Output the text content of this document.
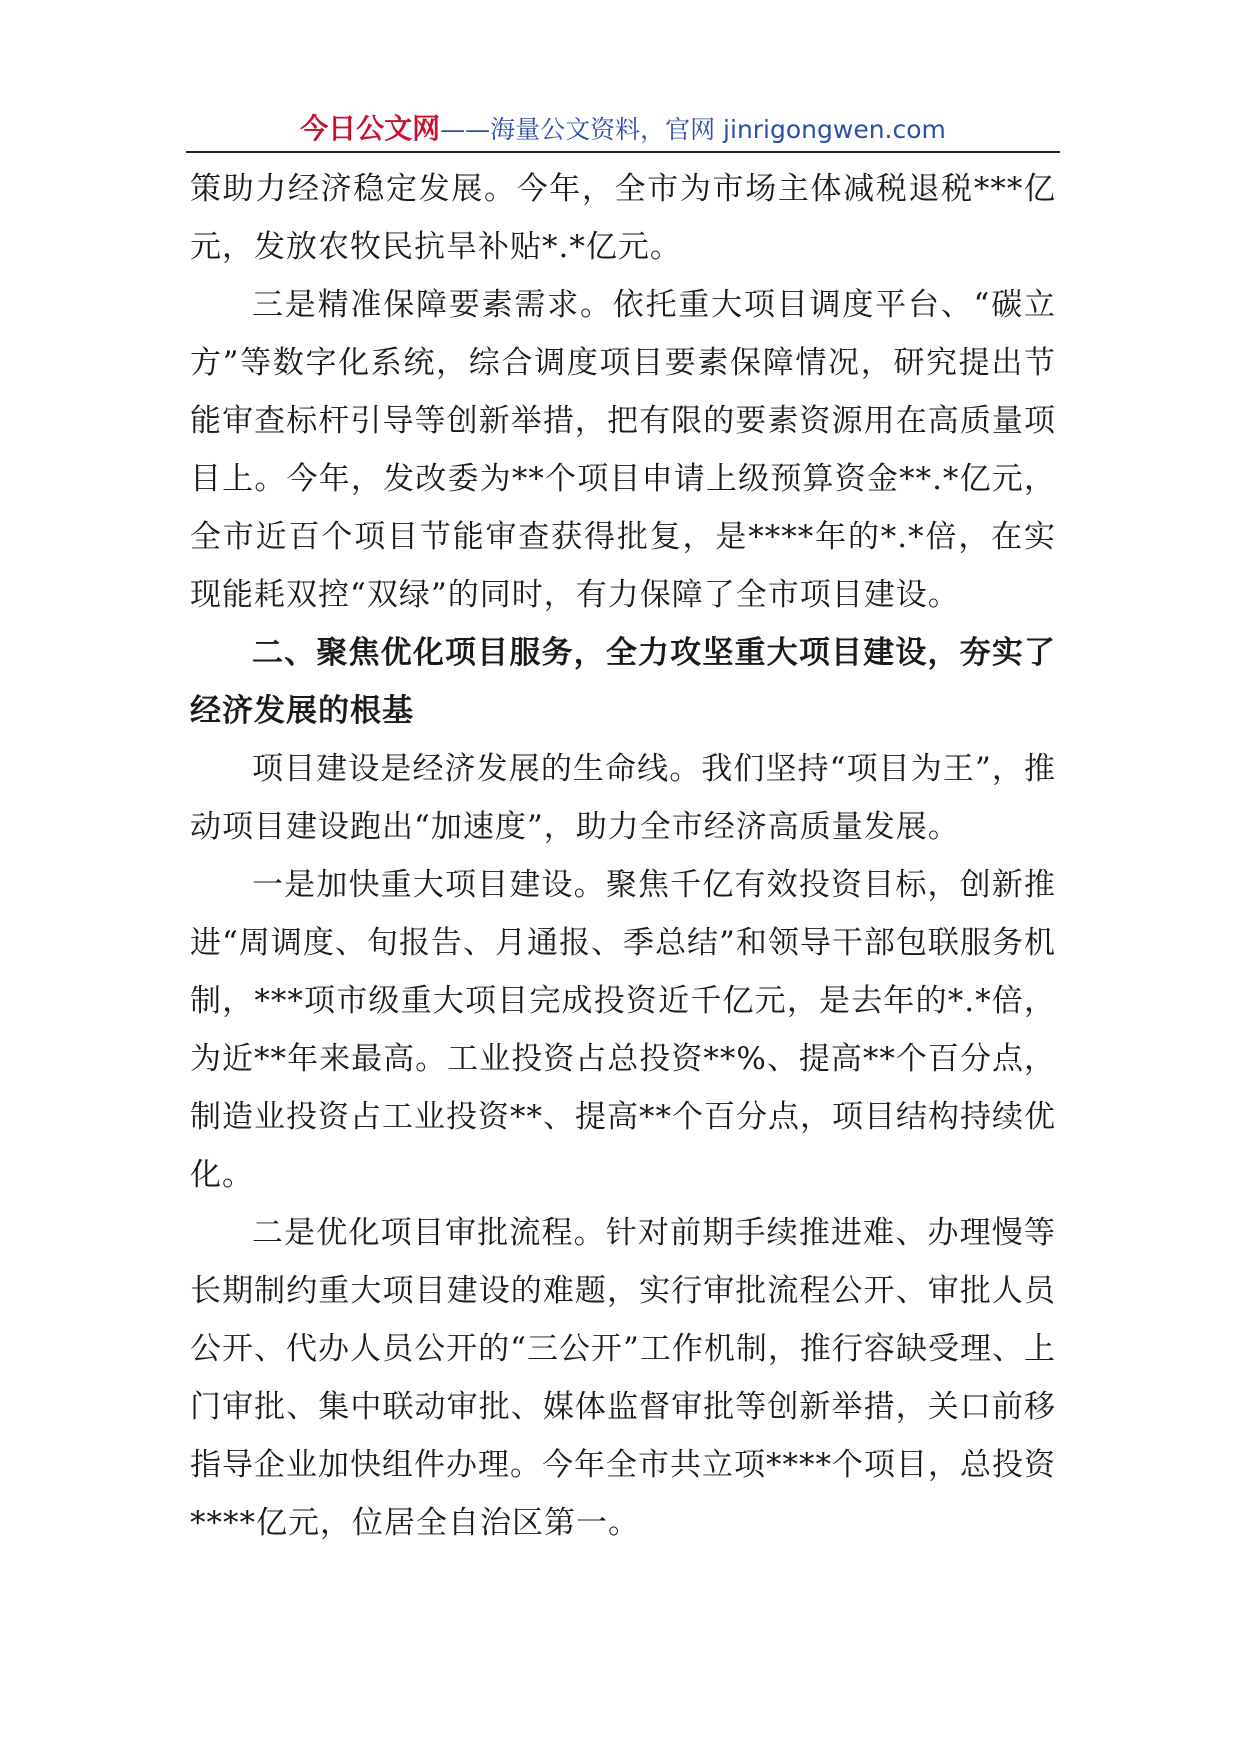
今日公文网——海量公文资料，官网 jinrigongwen.com

策助力经济稳定发展。今年，全市为市场主体减税退税***亿元，发放农牧民抗旱补贴*.*亿元。

三是精准保障要素需求。依托重大项目调度平台、“碳立方”等数字化系统，综合调度项目要素保障情况，研究提出节能审查标杆引导等创新举措，把有限的要素资源用在高质量项目上。今年，发改委为**个项目申请上级预算资金**.*亿元，全市近百个项目节能审查获得批复，是****年的*.*倍，在实现能耗双控“双绿”的同时，有力保障了全市项目建设。

二、聚焦优化项目服务，全力攻坚重大项目建设，夯实了经济发展的根基

项目建设是经济发展的生命线。我们坚持“项目为王”，推动项目建设跑出“加速度”，助力全市经济高质量发展。

一是加快重大项目建设。聚焦千亿有效投资目标，创新推进“周调度、旬报告、月通报、季总结”和领导干部包联服务机制，***项市级重大项目完成投资近千亿元，是去年的*.*倍，为近**年来最高。工业投资占总投资**%、提高**个百分点，制造业投资占工业投资**、提高**个百分点，项目结构持续优化。

二是优化项目审批流程。针对前期手续推进难、办理慢等长期制约重大项目建设的难题，实行审批流程公开、审批人员公开、代办人员公开的“三公开”工作机制，推行容缺受理、上门审批、集中联动审批、媒体监督审批等创新举措，关口前移指导企业加快组件办理。今年全市共立项****个项目，总投资****亿元，位居全自治区第一。
